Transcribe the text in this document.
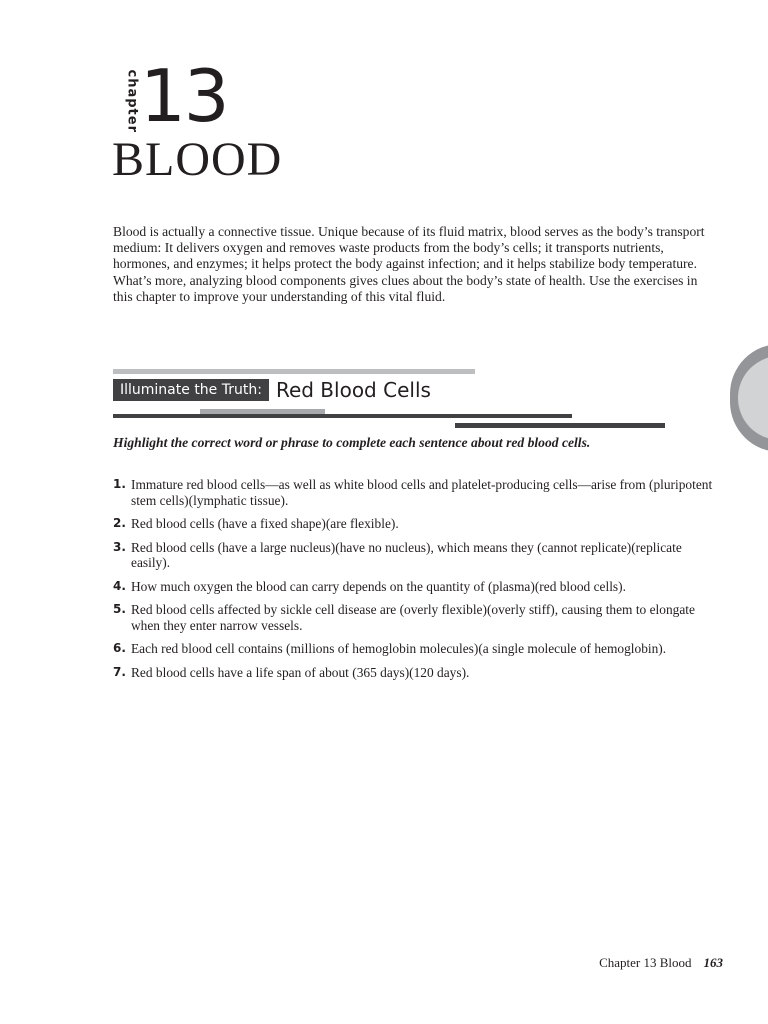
chapter 13
BLOOD

Blood is actually a connective tissue. Unique because of its fluid matrix, blood serves as the body’s transport medium: It delivers oxygen and removes waste products from the body’s cells; it transports nutrients, hormones, and enzymes; it helps protect the body against infection; and it helps stabilize body temperature. What’s more, analyzing blood components gives clues about the body’s state of health. Use the exercises in this chapter to improve your understanding of this vital fluid.

Illuminate the Truth: Red Blood Cells
Highlight the correct word or phrase to complete each sentence about red blood cells.
1. Immature red blood cells—as well as white blood cells and platelet-producing cells—arise from (pluripotent stem cells)(lymphatic tissue).
2. Red blood cells (have a fixed shape)(are flexible).
3. Red blood cells (have a large nucleus)(have no nucleus), which means they (cannot replicate)(replicate easily).
4. How much oxygen the blood can carry depends on the quantity of (plasma)(red blood cells).
5. Red blood cells affected by sickle cell disease are (overly flexible)(overly stiff), causing them to elongate when they enter narrow vessels.
6. Each red blood cell contains (millions of hemoglobin molecules)(a single molecule of hemoglobin).
7. Red blood cells have a life span of about (365 days)(120 days).
Chapter 13 Blood 163
